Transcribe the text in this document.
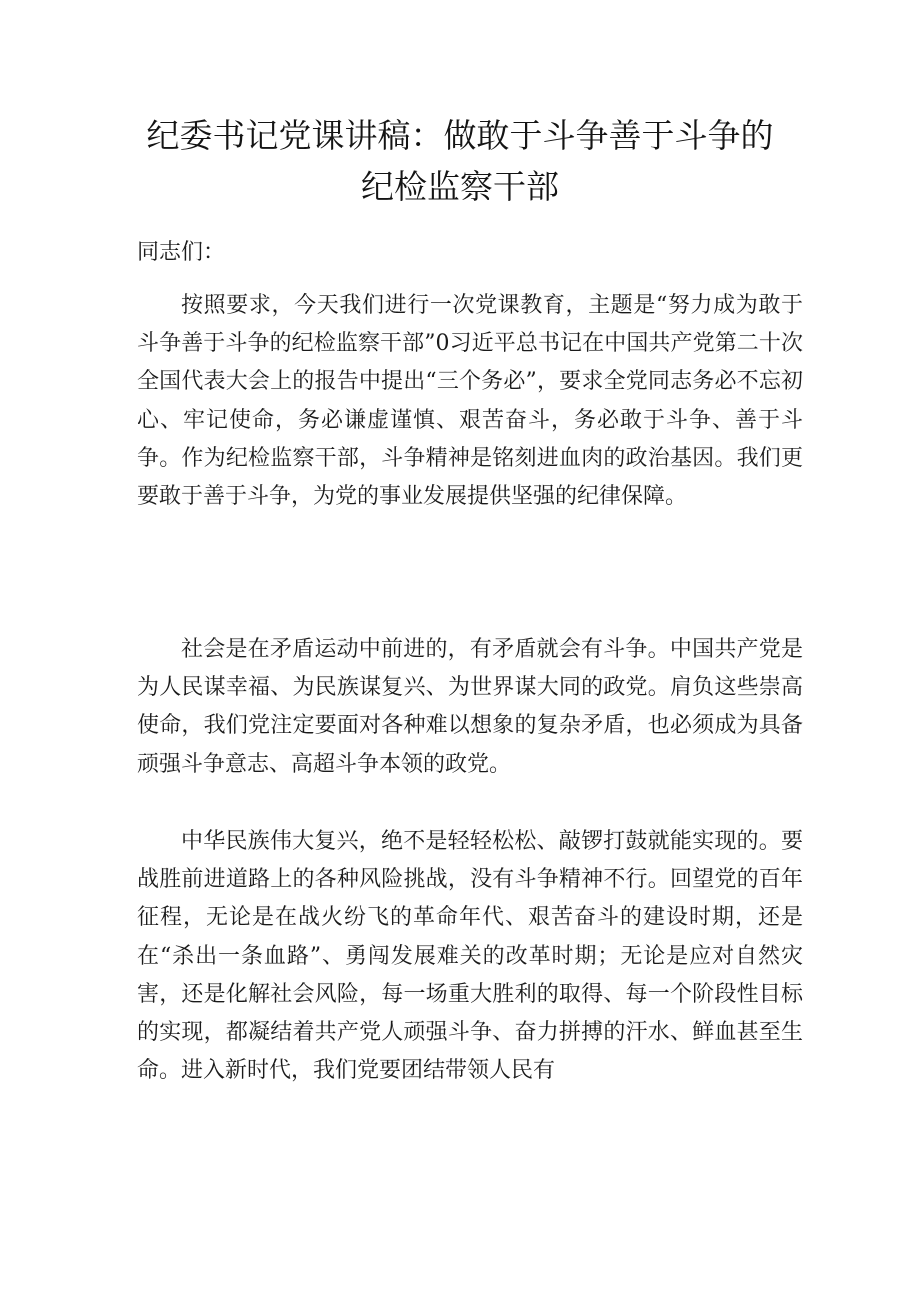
纪委书记党课讲稿：做敢于斗争善于斗争的
纪检监察干部

同志们：

按照要求，今天我们进行一次党课教育，主题是“努力成为敢于斗争善于斗争的纪检监察干部”0习近平总书记在中国共产党第二十次全国代表大会上的报告中提出“三个务必”，要求全党同志务必不忘初心、牢记使命，务必谦虚谨慎、艰苦奋斗，务必敢于斗争、善于斗争。作为纪检监察干部，斗争精神是铭刻进血肉的政治基因。我们更要敢于善于斗争，为党的事业发展提供坚强的纪律保障。

社会是在矛盾运动中前进的，有矛盾就会有斗争。中国共产党是为人民谋幸福、为民族谋复兴、为世界谋大同的政党。肩负这些崇高使命，我们党注定要面对各种难以想象的复杂矛盾，也必须成为具备顽强斗争意志、高超斗争本领的政党。

中华民族伟大复兴，绝不是轻轻松松、敲锣打鼓就能实现的。要战胜前进道路上的各种风险挑战，没有斗争精神不行。回望党的百年征程，无论是在战火纷飞的革命年代、艰苦奋斗的建设时期，还是在“杀出一条血路”、勇闯发展难关的改革时期；无论是应对自然灾害，还是化解社会风险，每一场重大胜利的取得、每一个阶段性目标的实现，都凝结着共产党人顽强斗争、奋力拼搏的汗水、鲜血甚至生命。进入新时代，我们党要团结带领人民有
